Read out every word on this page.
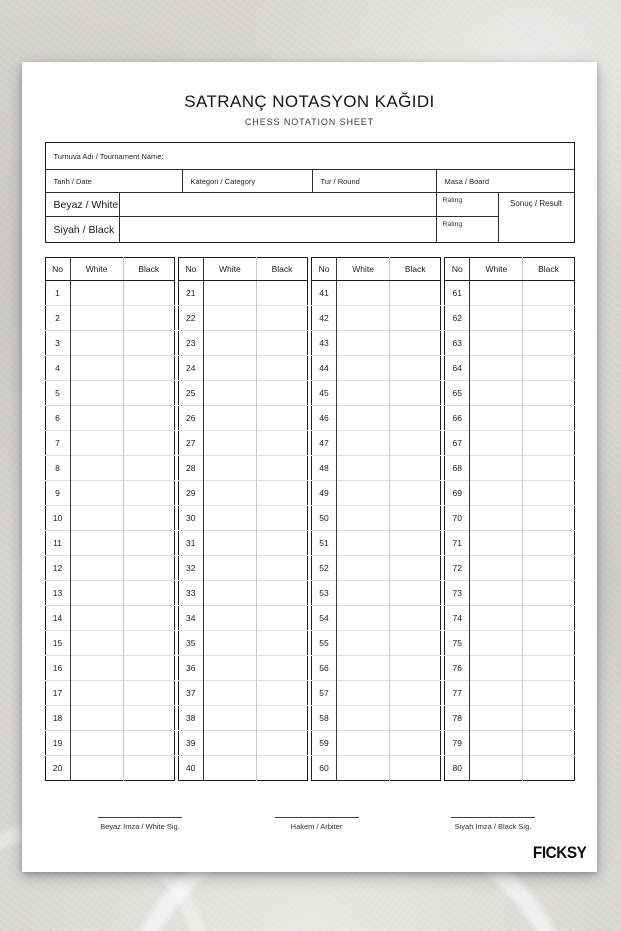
SATRANÇ NOTASYON KAĞIDI
CHESS NOTATION SHEET
Turnuva Adı / Tournament Name:
Tarih / Date	Kategori / Category	Tur / Round	Masa / Board
Beyaz / White	Rating	Sonuç / Result
Siyah / Black	Rating
No	White	Black
1		
2		
3		
4		
5		
6		
7		
8		
9		
10		
11		
12		
13		
14		
15		
16		
17		
18		
19		
20		
No	White	Black
21		
22		
23		
24		
25		
26		
27		
28		
29		
30		
31		
32		
33		
34		
35		
36		
37		
38		
39		
40		
No	White	Black
41		
42		
43		
44		
45		
46		
47		
48		
49		
50		
51		
52		
53		
54		
55		
56		
57		
58		
59		
60		
No	White	Black
61		
62		
63		
64		
65		
66		
67		
68		
69		
70		
71		
72		
73		
74		
75		
76		
77		
78		
79		
80		
Beyaz İmza / White Sig.	Hakem / Arbiter	Siyah İmza / Black Sig.
FICKSY
